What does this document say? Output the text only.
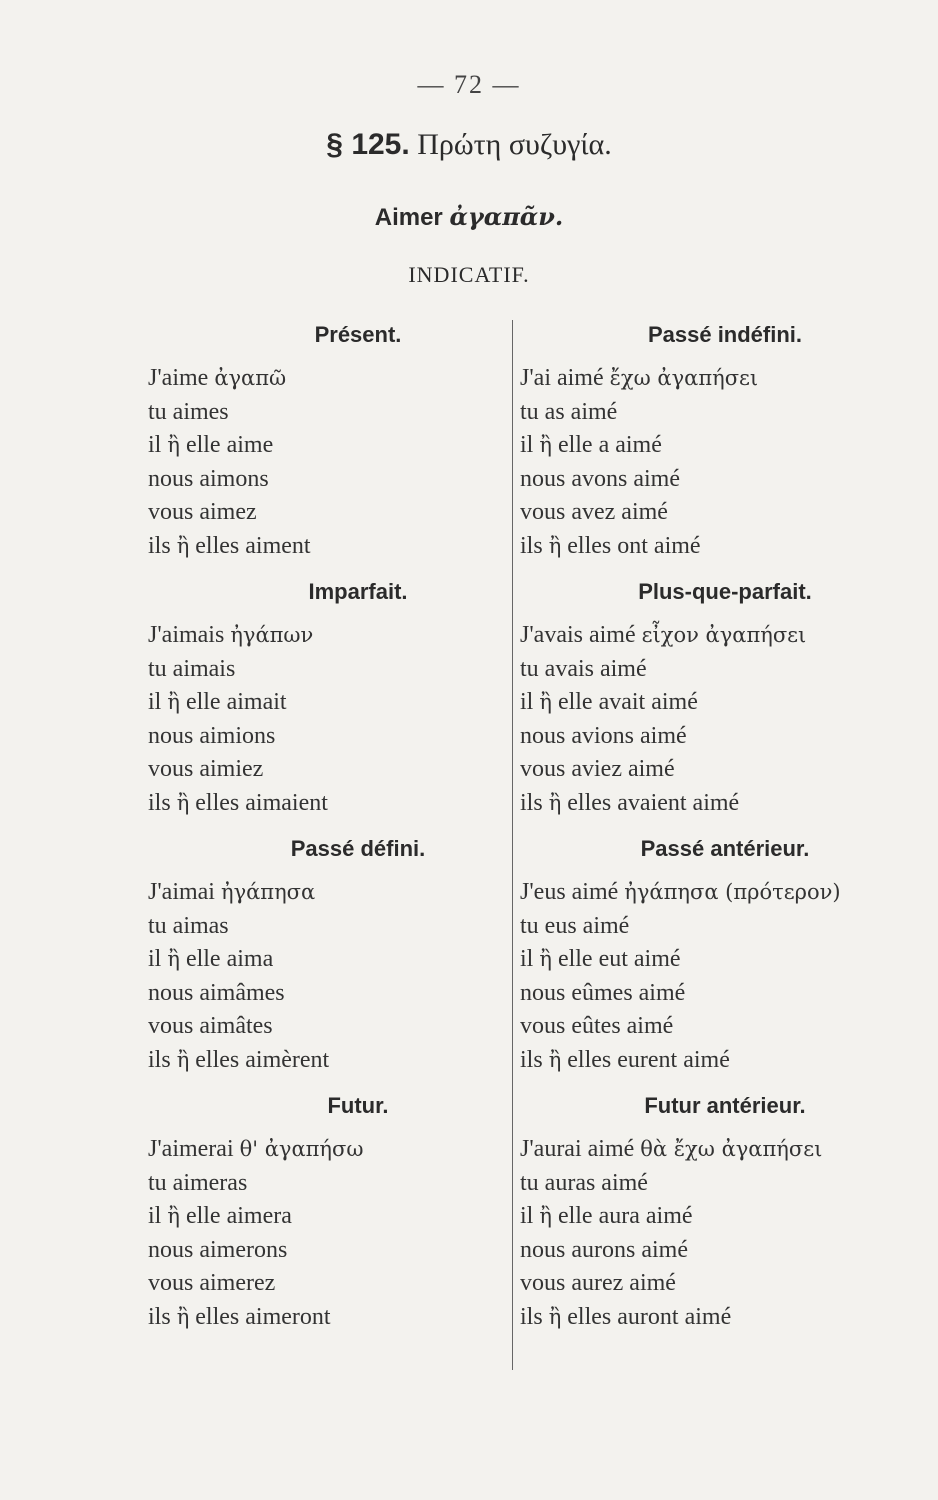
— 72 —
§ 125. Πρώτη συζυγία.
Aimer ἀγαπᾶν.
INDICATIF.
Présent.
J'aime ἀγαπῶ
tu aimes
il ἢ elle aime
nous aimons
vous aimez
ils ἢ elles aiment
Imparfait.
J'aimais ἠγάπων
tu aimais
il ἢ elle aimait
nous aimions
vous aimiez
ils ἢ elles aimaient
Passé défini.
J'aimai ἠγάπησα
tu aimas
il ἢ elle aima
nous aimâmes
vous aimâtes
ils ἢ elles aimèrent
Futur.
J'aimerai θ' ἀγαπήσω
tu aimeras
il ἢ elle aimera
nous aimerons
vous aimerez
ils ἢ elles aimeront
Passé indéfini.
J'ai aimé ἔχω ἀγαπήσει
tu as aimé
il ἢ elle a aimé
nous avons aimé
vous avez aimé
ils ἢ elles ont aimé
Plus-que-parfait.
J'avais aimé εἶχον ἀγαπήσει
tu avais aimé
il ἢ elle avait aimé
nous avions aimé
vous aviez aimé
ils ἢ elles avaient aimé
Passé antérieur.
J'eus aimé ἠγάπησα (πρότερον)
tu eus aimé
il ἢ elle eut aimé
nous eûmes aimé
vous eûtes aimé
ils ἢ elles eurent aimé
Futur antérieur.
J'aurai aimé θὰ ἔχω ἀγαπήσει
tu auras aimé
il ἢ elle aura aimé
nous aurons aimé
vous aurez aimé
ils ἢ elles auront aimé
